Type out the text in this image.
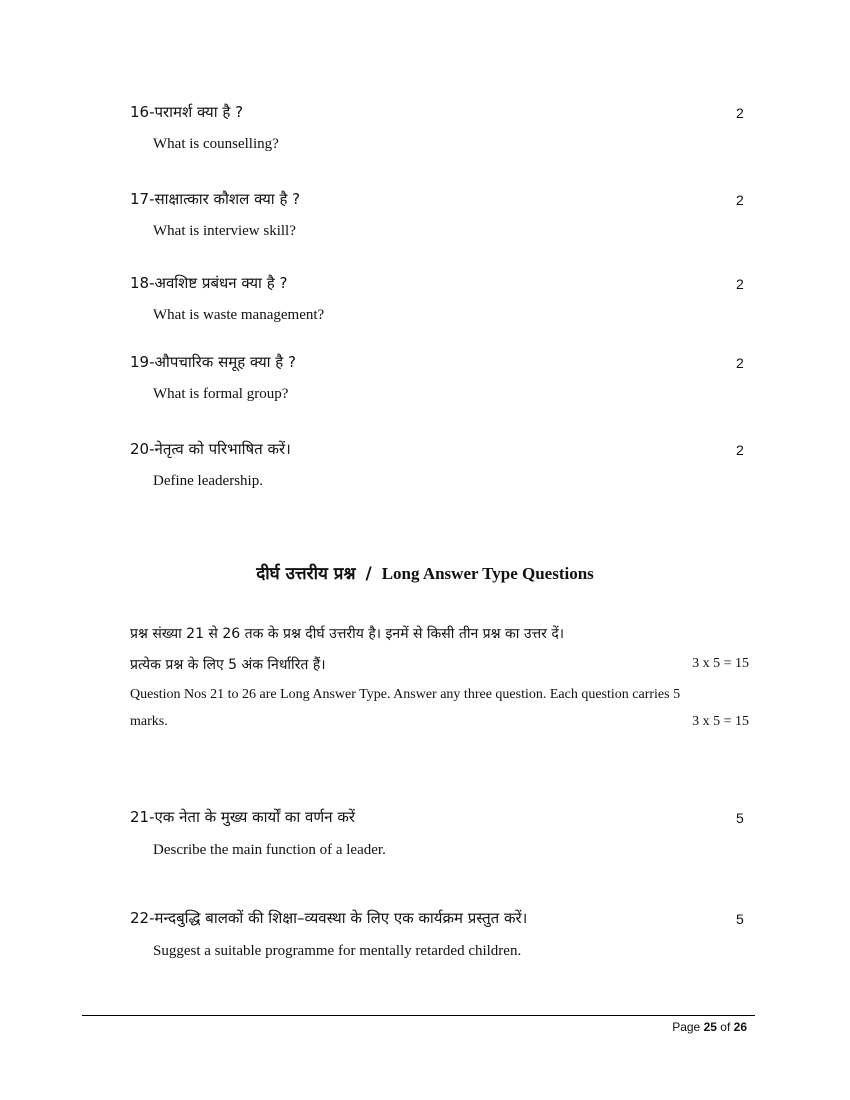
16-परामर्श क्या है ?	2
What is counselling?
17-साक्षात्कार कौशल क्या है ?	2
What is interview skill?
18-अवशिष्ट प्रबंधन क्या है ?	2
What is waste management?
19-औपचारिक समूह क्या है ?	2
What is formal group?
20-नेतृत्व को परिभाषित करें।	2
Define leadership.
दीर्घ उत्तरीय प्रश्न / Long Answer Type Questions
प्रश्न संख्या 21 से 26 तक के प्रश्न दीर्घ उत्तरीय है। इनमें से किसी तीन प्रश्न का उत्तर दें।
प्रत्येक प्रश्न के लिए 5 अंक निर्धारित हैं।	3 x 5 = 15
Question Nos 21 to 26 are Long Answer Type. Answer any three question. Each question carries 5
marks.	3 x 5 = 15
21-एक नेता के मुख्य कार्यों का वर्णन करें	5
Describe the main function of a leader.
22-मन्दबुद्धि बालकों की शिक्षा–व्यवस्था के लिए एक कार्यक्रम प्रस्तुत करें।	5
Suggest a suitable programme for mentally retarded children.
Page 25 of 26
